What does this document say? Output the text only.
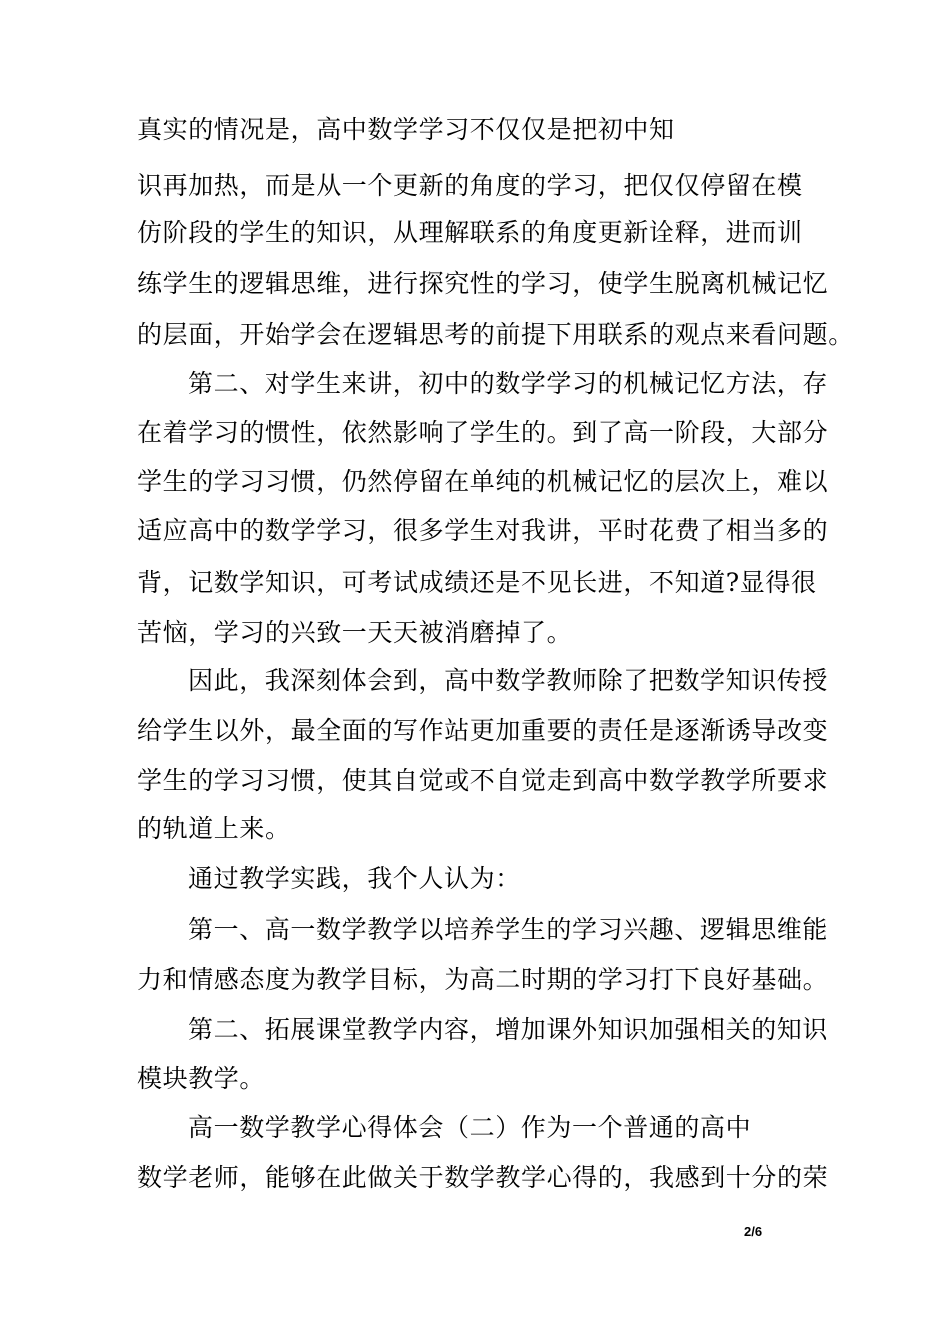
真实的情况是，高中数学学习不仅仅是把初中知
识再加热，而是从一个更新的角度的学习，把仅仅停留在模
仿阶段的学生的知识，从理解联系的角度更新诠释，进而训
练学生的逻辑思维，进行探究性的学习，使学生脱离机械记忆
的层面，开始学会在逻辑思考的前提下用联系的观点来看问题。
第二、对学生来讲，初中的数学学习的机械记忆方法，存
在着学习的惯性，依然影响了学生的。到了高一阶段，大部分
学生的学习习惯，仍然停留在单纯的机械记忆的层次上，难以
适应高中的数学学习，很多学生对我讲，平时花费了相当多的
背，记数学知识，可考试成绩还是不见长进，不知道?显得很
苦恼，学习的兴致一天天被消磨掉了。
因此，我深刻体会到，高中数学教师除了把数学知识传授
给学生以外，最全面的写作站更加重要的责任是逐渐诱导改变
学生的学习习惯，使其自觉或不自觉走到高中数学教学所要求
的轨道上来。
通过教学实践，我个人认为：
第一、高一数学教学以培养学生的学习兴趣、逻辑思维能
力和情感态度为教学目标，为高二时期的学习打下良好基础。
第二、拓展课堂教学内容，增加课外知识加强相关的知识
模块教学。
高一数学教学心得体会（二）作为一个普通的高中
数学老师，能够在此做关于数学教学心得的，我感到十分的荣
2/6
